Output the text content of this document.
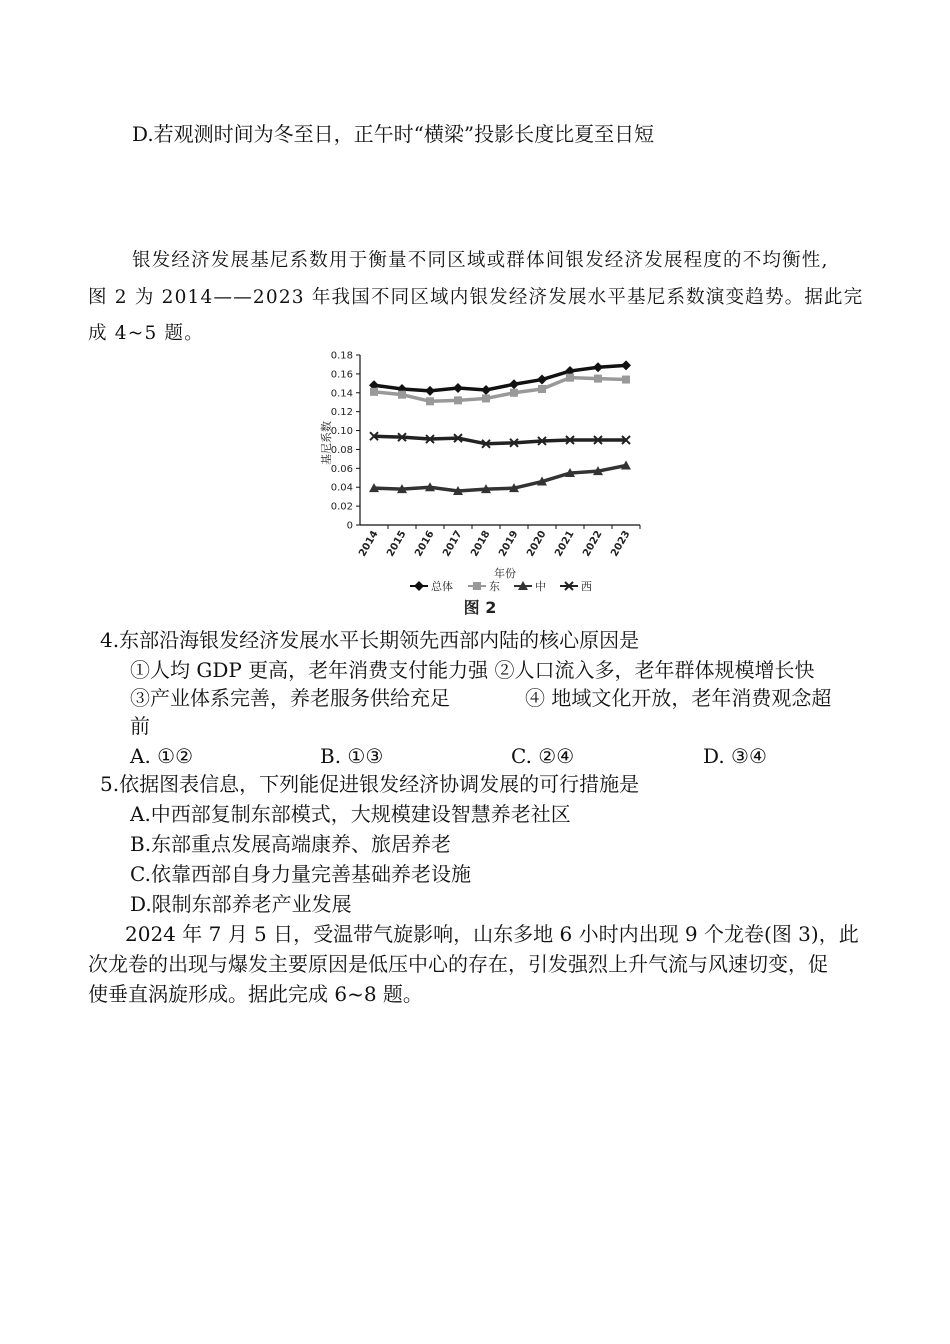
D.若观测时间为冬至日，正午时“横梁”投影长度比夏至日短
银发经济发展基尼系数用于衡量不同区域或群体间银发经济发展程度的不均衡性,
图 2 为 2014——2023 年我国不同区域内银发经济发展水平基尼系数演变趋势。据此完
成 4~5 题。
0
0.02
0.04
0.06
0.08
0.10
0.12
0.14
0.16
0.18
2014 2015 2016 2017 2018 2019 2020 2021 2022 2023
基尼系数
年份
总体	东	中	西
图 2
4.东部沿海银发经济发展水平长期领先西部内陆的核心原因是
①人均 GDP 更高，老年消费支付能力强 ②人口流入多，老年群体规模增长快
③产业体系完善，养老服务供给充足	④ 地域文化开放，老年消费观念超
前
A. ①②	B. ①③	C. ②④	D. ③④
5.依据图表信息，下列能促进银发经济协调发展的可行措施是
A.中西部复制东部模式，大规模建设智慧养老社区
B.东部重点发展高端康养、旅居养老
C.依靠西部自身力量完善基础养老设施
D.限制东部养老产业发展
2024 年 7 月 5 日，受温带气旋影响，山东多地 6 小时内出现 9 个龙卷(图 3)，此
次龙卷的出现与爆发主要原因是低压中心的存在，引发强烈上升气流与风速切变，促
使垂直涡旋形成。据此完成 6~8 题。
